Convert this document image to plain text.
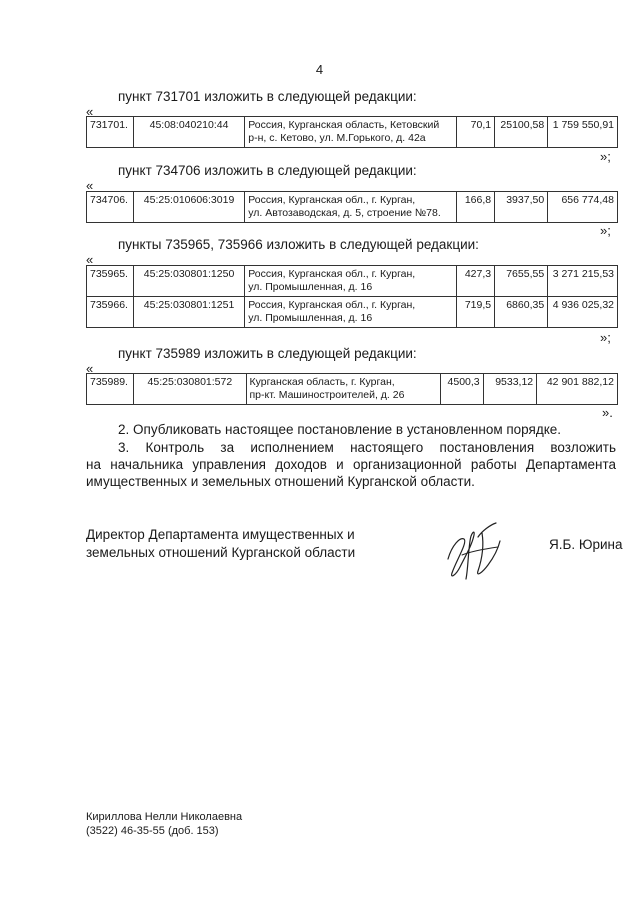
4
пункт 731701 изложить в следующей редакции:
«
731701.	45:08:040210:44	Россия, Курганская область, Кетовский
р-н, с. Кетово, ул. М.Горького, д. 42а
	70,1	25100,58	1 759 550,91
»;
пункт 734706 изложить в следующей редакции:
«
734706.	45:25:010606:3019	Россия, Курганская обл., г. Курган,
ул. Автозаводская, д. 5, строение №78.
	166,8	3937,50	656 774,48
»;
пункты 735965, 735966 изложить в следующей редакции:
«
735965.	45:25:030801:1250	Россия, Курганская обл., г. Курган,
ул. Промышленная, д. 16	427,3	7655,55	3 271 215,53
735966.	45:25:030801:1251	Россия, Курганская обл., г. Курган,
ул. Промышленная, д. 16	719,5	6860,35	4 936 025,32
»;
пункт 735989 изложить в следующей редакции:
«
735989.	45:25:030801:572	Курганская область, г. Курган,
пр-кт. Машиностроителей, д. 26
	4500,3	9533,12	42 901 882,12
».
2. Опубликовать настоящее постановление в установленном порядке.
3. Контроль за исполнением настоящего постановления возложить
на начальника управления доходов и организационной работы Департамента
имущественных и земельных отношений Курганской области.
Директор Департамента имущественных и
земельных отношений Курганской области
Я.Б. Юрина
Кириллова Нелли Николаевна
(3522) 46-35-55 (доб. 153)
